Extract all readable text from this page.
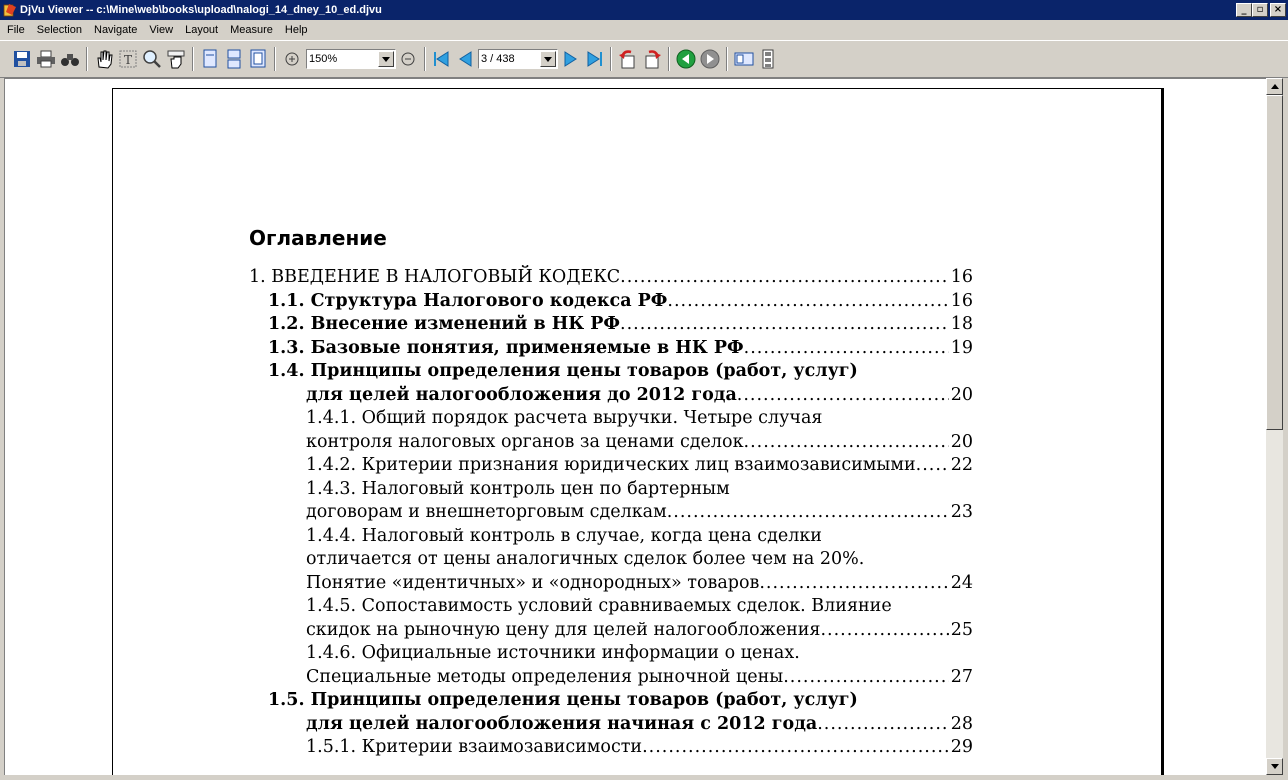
DjVu Viewer -- c:\Mine\web\books\upload\nalogi_14_dney_10_ed.djvu	_ ▫ ×
File	Selection	Navigate	View	Layout	Measure	Help
T	150%	3 / 438
Оглавление
1. ВВЕДЕНИЕ В НАЛОГОВЫЙ КОДЕКС .....	16
1.1. Структура Налогового кодекса РФ .....	16
1.2. Внесение изменений в НК РФ .....	18
1.3. Базовые понятия, применяемые в НК РФ .....	19
1.4. Принципы определения цены товаров (работ, услуг)
для целей налогообложения до 2012 года .....	20
1.4.1. Общий порядок расчета выручки. Четыре случая
контроля налоговых органов за ценами сделок .....	20
1.4.2. Критерии признания юридических лиц взаимозависимыми ..... 22
1.4.3. Налоговый контроль цен по бартерным
договорам и внешнеторговым сделкам .....	23
1.4.4. Налоговый контроль в случае, когда цена сделки
отличается от цены аналогичных сделок более чем на 20%.
Понятие «идентичных» и «однородных» товаров .....	24
1.4.5. Сопоставимость условий сравниваемых сделок. Влияние
скидок на рыночную цену для целей налогообложения .....	25
1.4.6. Официальные источники информации о ценах.
Специальные методы определения рыночной цены .....	27
1.5. Принципы определения цены товаров (работ, услуг)
для целей налогообложения начиная с 2012 года .....	28
1.5.1. Критерии взаимозависимости .....	29
